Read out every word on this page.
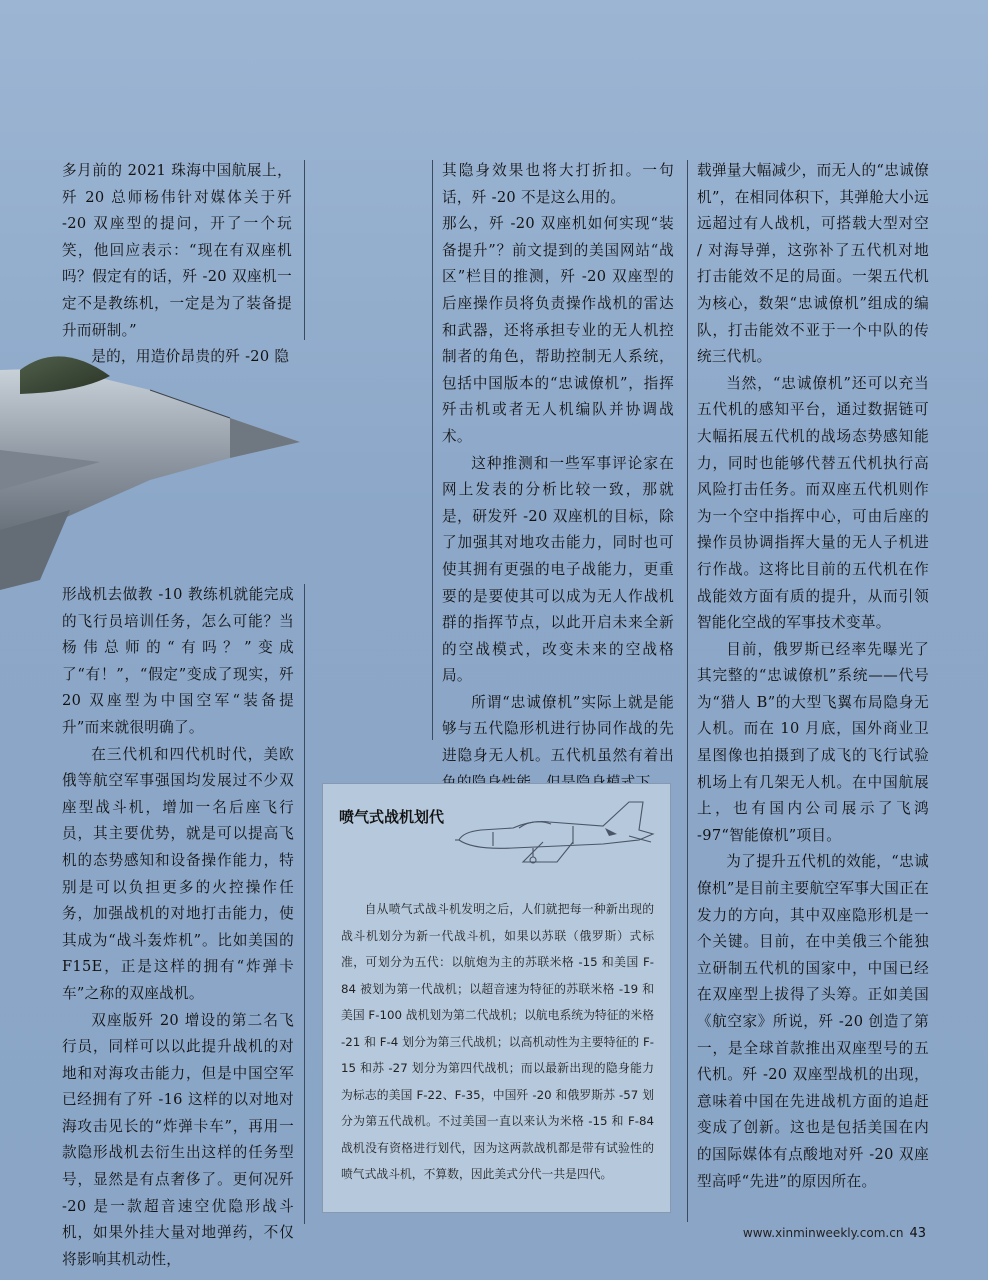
多月前的 2021 珠海中国航展上，歼 20 总师杨伟针对媒体关于歼 -20 双座型的提问，开了一个玩笑，他回应表示：“现在有双座机吗？假定有的话，歼 -20 双座机一定不是教练机，一定是为了装备提升而研制。”

是的，用造价昂贵的歼 -20 隐

形战机去做教 -10 教练机就能完成的飞行员培训任务，怎么可能？当杨伟总师的“有吗？”变成了“有！”，“假定”变成了现实，歼 20 双座型为中国空军“装备提升”而来就很明确了。

在三代机和四代机时代，美欧俄等航空军事强国均发展过不少双座型战斗机，增加一名后座飞行员，其主要优势，就是可以提高飞机的态势感知和设备操作能力，特别是可以负担更多的火控操作任务，加强战机的对地打击能力，使其成为“战斗轰炸机”。比如美国的 F15E，正是这样的拥有“炸弹卡车”之称的双座战机。

双座版歼 20 增设的第二名飞行员，同样可以以此提升战机的对地和对海攻击能力，但是中国空军已经拥有了歼 -16 这样的以对地对海攻击见长的“炸弹卡车”，再用一款隐形战机去衍生出这样的任务型号，显然是有点奢侈了。更何况歼 -20 是一款超音速空优隐形战斗机，如果外挂大量对地弹药，不仅将影响其机动性，

其隐身效果也将大打折扣。一句话，歼 -20 不是这么用的。

那么，歼 -20 双座机如何实现“装备提升”？前文提到的美国网站“战区”栏目的推测，歼 -20 双座型的后座操作员将负责操作战机的雷达和武器，还将承担专业的无人机控制者的角色，帮助控制无人系统，包括中国版本的“忠诚僚机”，指挥歼击机或者无人机编队并协调战术。

这种推测和一些军事评论家在网上发表的分析比较一致，那就是，研发歼 -20 双座机的目标，除了加强其对地攻击能力，同时也可使其拥有更强的电子战能力，更重要的是要使其可以成为无人作战机群的指挥节点，以此开启未来全新的空战模式，改变未来的空战格局。

所谓“忠诚僚机”实际上就是能够与五代隐形机进行协同作战的先进隐身无人机。五代机虽然有着出

载弹量大幅减少，而无人的“忠诚僚机”，在相同体积下，其弹舱大小远远超过有人战机，可搭载大型对空 / 对海导弹，这弥补了五代机对地打击能效不足的局面。一架五代机为核心，数架“忠诚僚机”组成的编队，打击能效不亚于一个中队的传统三代机。

当然，“忠诚僚机”还可以充当五代机的感知平台，通过数据链可大幅拓展五代机的战场态势感知能力，同时也能够代替五代机执行高风险打击任务。而双座五代机则作为一个空中指挥中心，可由后座的操作员协调指挥大量的无人子机进行作战。这将比目前的五代机在作战能效方面有质的提升，从而引领智能化空战的军事技术变革。

目前，俄罗斯已经率先曝光了其完整的“忠诚僚机”系统——代号为“猎人 B”的大型飞翼布局隐身无人机。而在 10 月底，国外商业卫星图像也拍摄到了成飞的飞行试验机场上有几架无人机。在中国航展上，也有国内公司展示了飞鸿 -97“智能僚机”项目。

为了提升五代机的效能，“忠诚僚机”是目前主要航空军事大国正在发力的方向，其中双座隐形机是一个关键。目前，在中美俄三个能独立研制五代机的国家中，中国已经在双座型上拔得了头筹。正如美国《航空家》所说，歼 -20 创造了第一，是全球首款推出双座型号的五代机。歼 -20 双座型战机的出现，意味着中国在先进战机方面的追赶变成了创新。这也是包括美国在内的国际媒体有点酸地对歼 -20 双座型高呼“先进”的原因所在。

喷气式战机划代

自从喷气式战斗机发明之后，人们就把每一种新出现的战斗机划分为新一代战斗机，如果以苏联（俄罗斯）式标准，可划分为五代：以航炮为主的苏联米格 -15 和美国 F-84 被划为第一代战机；以超音速为特征的苏联米格 -19 和美国 F-100 战机划为第二代战机；以航电系统为特征的米格 -21 和 F-4 划分为第三代战机；以高机动性为主要特征的 F-15 和苏 -27 划分为第四代战机；而以最新出现的隐身能力为标志的美国 F-22、F-35，中国歼 -20 和俄罗斯苏 -57 划分为第五代战机。不过美国一直以来认为米格 -15 和 F-84 战机没有资格进行划代，因为这两款战机都是带有试验性的喷气式战斗机，不算数，因此美式分代一共是四代。

www.xinminweekly.com.cn 43
